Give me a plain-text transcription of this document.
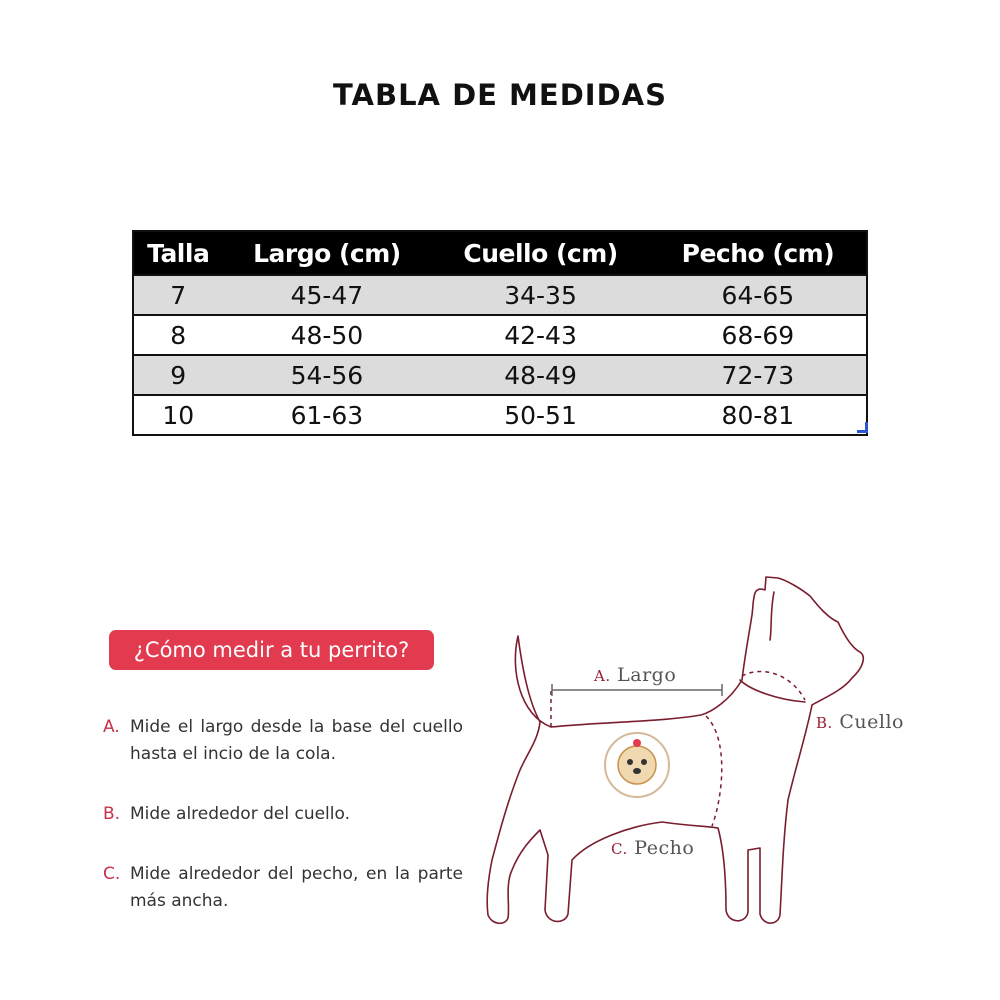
TABLA DE MEDIDAS
Talla	Largo (cm)	Cuello (cm)	Pecho (cm)
7	45-47	34-35	64-65
8	48-50	42-43	68-69
9	54-56	48-49	72-73
10	61-63	50-51	80-81
¿Cómo medir a tu perrito?
A. Mide el largo desde la base del cuello hasta el incio de la cola.
B. Mide alrededor del cuello.
C. Mide alrededor del pecho, en la parte más ancha.
A. Largo
B. Cuello
C. Pecho
